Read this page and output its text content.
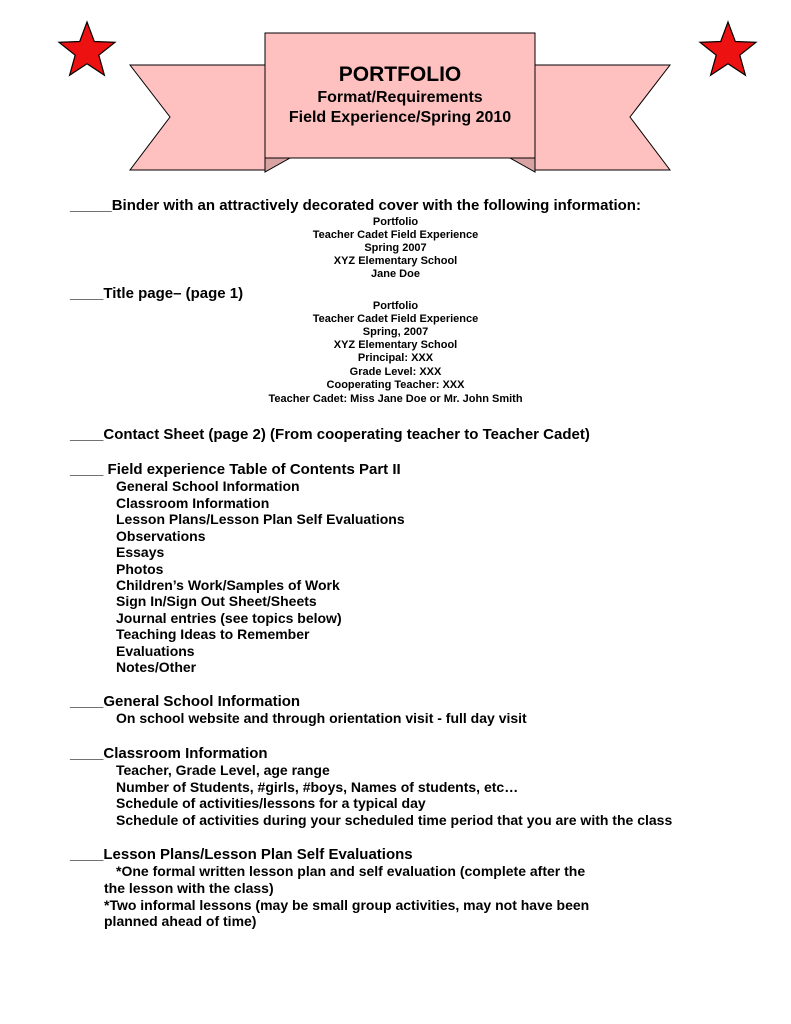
PORTFOLIO
Format/Requirements
Field Experience/Spring 2010
_____Binder with an attractively decorated cover with the following information:
Portfolio
Teacher Cadet Field Experience
Spring 2007
XYZ Elementary School
Jane Doe
____Title page– (page 1)
Portfolio
Teacher Cadet Field Experience
Spring, 2007
XYZ Elementary School
Principal: XXX
Grade Level: XXX
Cooperating Teacher: XXX
Teacher Cadet: Miss Jane Doe or Mr. John Smith
____Contact Sheet (page 2) (From cooperating teacher to Teacher Cadet)
____ Field experience Table of Contents Part II
General School Information
Classroom Information
Lesson Plans/Lesson Plan Self Evaluations
Observations
Essays
Photos
Children’s Work/Samples of Work
Sign In/Sign Out Sheet/Sheets
Journal entries (see topics below)
Teaching Ideas to Remember
Evaluations
Notes/Other
____General School Information
On school website and through orientation visit - full day visit
____Classroom Information
Teacher, Grade Level, age range
Number of Students, #girls, #boys, Names of students, etc…
Schedule of activities/lessons for a typical day
Schedule of activities during your scheduled time period that you are with the class
____Lesson Plans/Lesson Plan Self Evaluations
*One formal written lesson plan and self evaluation (complete after the
the lesson with the class)
*Two informal lessons (may be small group activities, may not have been
planned ahead of time)
